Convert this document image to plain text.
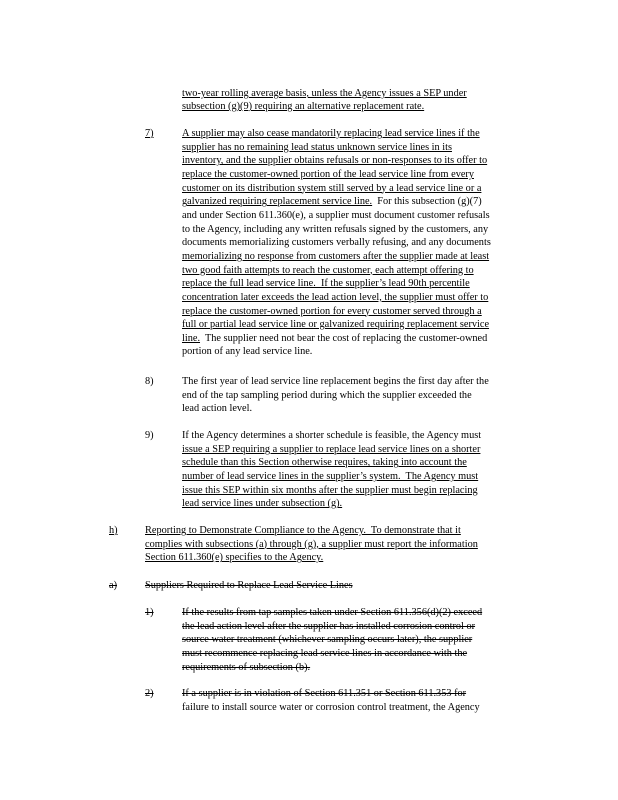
two-year rolling average basis, unless the Agency issues a SEP under
subsection (g)(9) requiring an alternative replacement rate.
7)	A supplier may also cease mandatorily replacing lead service lines if the
supplier has no remaining lead status unknown service lines in its
inventory, and the supplier obtains refusals or non-responses to its offer to
replace the customer-owned portion of the lead service line from every
customer on its distribution system still served by a lead service line or a
galvanized requiring replacement service line.  For this subsection (g)(7)
and under Section 611.360(e), a supplier must document customer refusals
to the Agency, including any written refusals signed by the customers, any
documents memorializing customers verbally refusing, and any documents
memorializing no response from customers after the supplier made at least
two good faith attempts to reach the customer, each attempt offering to
replace the full lead service line.  If the supplier’s lead 90th percentile
concentration later exceeds the lead action level, the supplier must offer to
replace the customer-owned portion for every customer served through a
full or partial lead service line or galvanized requiring replacement service
line.  The supplier need not bear the cost of replacing the customer-owned
portion of any lead service line.
8)	The first year of lead service line replacement begins the first day after the
end of the tap sampling period during which the supplier exceeded the
lead action level.
9)	If the Agency determines a shorter schedule is feasible, the Agency must
issue a SEP requiring a supplier to replace lead service lines on a shorter
schedule than this Section otherwise requires, taking into account the
number of lead service lines in the supplier’s system.  The Agency must
issue this SEP within six months after the supplier must begin replacing
lead service lines under subsection (g).
h)	Reporting to Demonstrate Compliance to the Agency.  To demonstrate that it
complies with subsections (a) through (g), a supplier must report the information
Section 611.360(e) specifies to the Agency.
a)	Suppliers Required to Replace Lead Service Lines
1)	If the results from tap samples taken under Section 611.356(d)(2) exceed
the lead action level after the supplier has installed corrosion control or
source water treatment (whichever sampling occurs later), the supplier
must recommence replacing lead service lines in accordance with the
requirements of subsection (b).
2)	If a supplier is in violation of Section 611.351 or Section 611.353 for
failure to install source water or corrosion control treatment, the Agency
